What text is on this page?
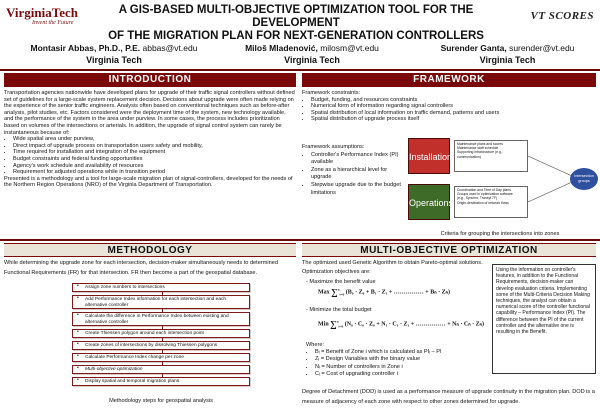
VirginiaTech
Invent the Future
A GIS-BASED MULTI-OBJECTIVE OPTIMIZATION TOOL FOR THE DEVELOPMENT
OF THE MIGRATION PLAN FOR NEXT-GENERATION CONTROLLERS
VT SCORES
Montasir Abbas, Ph.D., P.E. abbas@vt.edu
Virginia Tech
Miloš Mladenović, milosm@vt.edu
Virginia Tech
Surender Ganta, surender@vt.edu
Virginia Tech
INTRODUCTION

Transportation agencies nationwide have developed plans for upgrade of their traffic signal controllers without defined set of guidelines for a large-scale system replacement decision. Decisions about upgrade were often made relying on the experience of the senior traffic engineers. Analysis often based on conventional techniques such as before-after analysis, pilot studies, etc. Factors considered were the deployment time of the system, new technology available, and the performance of the system in the area under purview. In some cases, the process includes prioritization based on volumes of the intersections or arterials. In addition, the upgrade of signal control system can rarely be instantaneous because of:

• Wide spatial area under purview,
• Direct impact of upgrade process on transportation users safety and mobility,
• Time required for installation and integration of the equipment
• Budget constraints and federal funding opportunities
• Agency's work schedule and availability of resources
• Requirement for adjusted operations while in transition period

Presented is a methodology and a tool for large-scale migration plan of signal-controllers, developed for the needs of the Northern Region Operations (NRO) of the Virginia Department of Transportation.

FRAMEWORK

Framework constraints:

• Budget, funding, and resources constraints
• Numerical form of information regarding signal controllers
• Spatial distribution of local information on traffic demand, patterns and users
• Spatial distribution of upgrade process itself

Framework assumptions:

• Controller's Performance Index (PI) available
• Zone as a hierarchical level for upgrade
• Stepwise upgrade due to the budget limitations
Installation
Maintenance plans and scores
Maintenance staff schedule
Supporting infrastructure (e.g., communication)
Operations
Coordination and Time of Day plans
Groups used in optimization software
(e.g., Synchro, Transyt 7F)
Origin-destination of network flows
Intersection groups
Criteria for grouping the intersections into zones
METHODOLOGY
While determining the upgrade zone for each intersection, decision-maker simultaneously needs to determined Functional Requirements (FR) for that intersection. FR then become a part of the geospatial database.
• Assign zone numbers to intersections
• Add Performance Index information for each intersection and each alternative controller
• Calculate the difference in Performance Index between existing and alternative controller
• Create Thiessen polygon around each intersection point
• Create zones of intersections by dissolving Thiessen polygons
• Calculate Performance Index change per zone
• Multi-objective optimization
• Display spatial and temporal migration plans
Methodology steps for geospatial analysis
MULTI-OBJECTIVE OPTIMIZATION
The optimized used Genetic Algorithm to obtain Pareto-optimal solutions. Optimization objectives are:
- Maximize the benefit value
Max ∑$^n_{i=0}$ (B₀ · Z₀ + B₁ · Z₁ + …………… + Bₙ · Zₙ)
- Minimize the total budget
Min ∑$^n_{i=0}$ (N₀ · C₀ · Z₀ + N₁ · C₁ · Z₁ + …………… + Nₙ · Cₙ · Zₙ)

Where:

• Bᵢ = Benefit of Zone i which is calculated as PIᵢ – PI
• Zᵢ = Design Variables with the binary value
• Nᵢ = Number of controllers in Zone i
• Cᵢ = Cost of upgrading controller i
Using the information on controller's features, in addition to the Functional Requirements, decision-maker can develop evaluation criteria. Implementing some of the Multi-Criteria Decision Making techniques, the analyst can obtain a numerical score of the controller functional capability – Performance Index (PI). The difference between the PI of the current controller and the alternative one is resulting in the Benefit.
Degree of Detachment (DOD) is used as a performance measure of upgrade continuity in the migration plan. DOD is a measure of adjacency of each zone with respect to other zones determined for upgrade.
